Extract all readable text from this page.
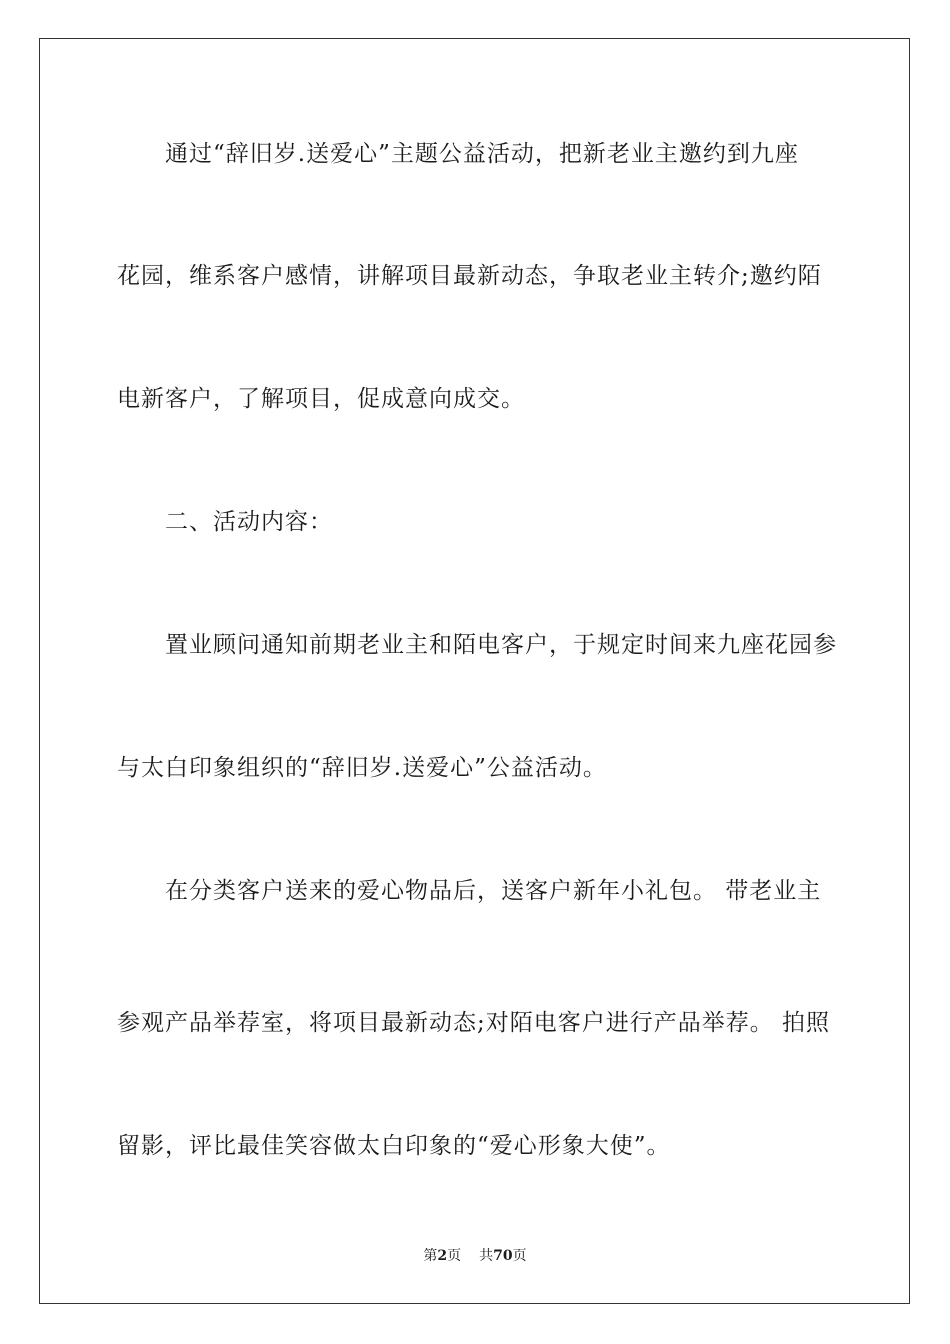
通过“辞旧岁.送爱心”主题公益活动，把新老业主邀约到九座
花园，维系客户感情，讲解项目最新动态，争取老业主转介;邀约陌
电新客户，了解项目，促成意向成交。
二、活动内容：
置业顾问通知前期老业主和陌电客户，于规定时间来九座花园参
与太白印象组织的“辞旧岁.送爱心”公益活动。
在分类客户送来的爱心物品后，送客户新年小礼包。 带老业主
参观产品举荐室，将项目最新动态;对陌电客户进行产品举荐。 拍照
留影，评比最佳笑容做太白印象的“爱心形象大使”。
第2页 共70页
